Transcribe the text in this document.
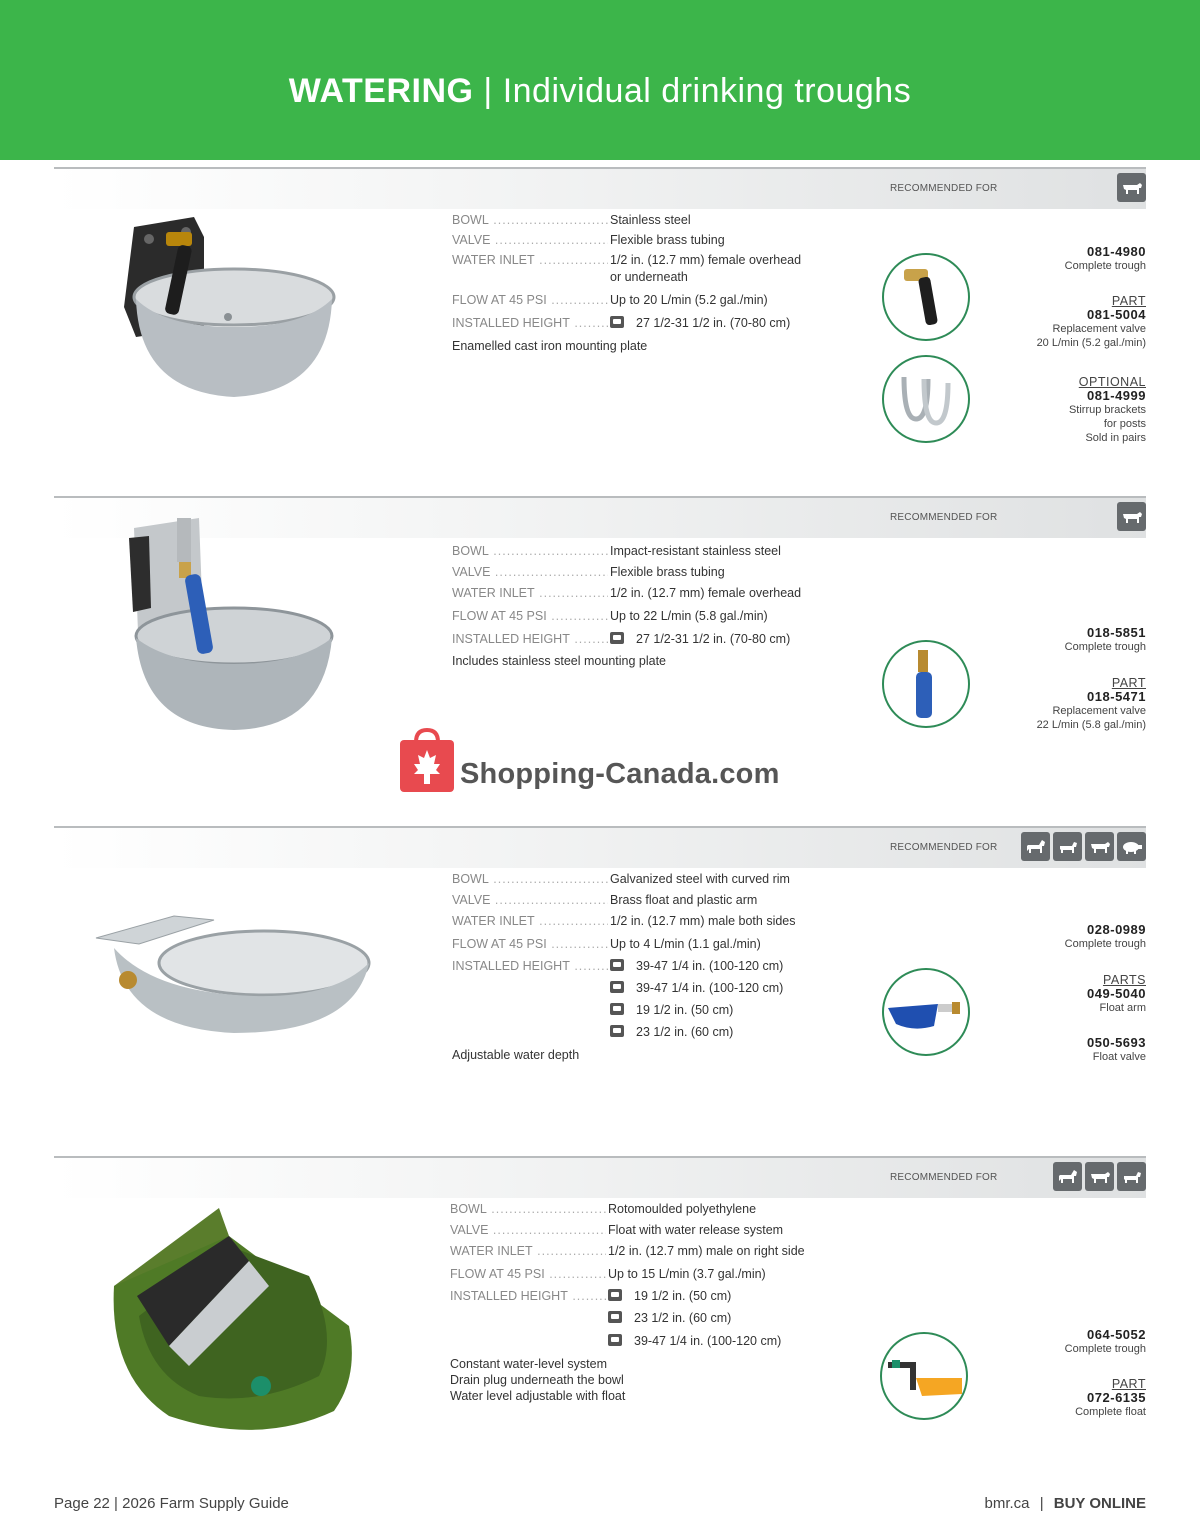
WATERING | Individual drinking troughs
RECOMMENDED FOR
BOWL .....	Stainless steel
VALVE .....	Flexible brass tubing
WATER INLET .....	1/2 in. (12.7 mm) female overhead
or underneath
FLOW AT 45 PSI .....	Up to 20 L/min (5.2 gal./min)
INSTALLED HEIGHT .....	27 1/2-31 1/2 in. (70-80 cm)
Enamelled cast iron mounting plate
081-4980
Complete trough
PART
081-5004
Replacement valve
20 L/min (5.2 gal./min)
OPTIONAL
081-4999
Stirrup brackets
for posts
Sold in pairs
RECOMMENDED FOR
BOWL .....	Impact-resistant stainless steel
VALVE .....	Flexible brass tubing
WATER INLET .....	1/2 in. (12.7 mm) female overhead
FLOW AT 45 PSI .....	Up to 22 L/min (5.8 gal./min)
INSTALLED HEIGHT .....	27 1/2-31 1/2 in. (70-80 cm)
Includes stainless steel mounting plate
018-5851
Complete trough
PART
018-5471
Replacement valve
22 L/min (5.8 gal./min)
Shopping-Canada.com
RECOMMENDED FOR
BOWL .....	Galvanized steel with curved rim
VALVE .....	Brass float and plastic arm
WATER INLET .....	1/2 in. (12.7 mm) male both sides
FLOW AT 45 PSI .....	Up to 4 L/min (1.1 gal./min)
INSTALLED HEIGHT .....	39-47 1/4 in. (100-120 cm)
39-47 1/4 in. (100-120 cm)
19 1/2 in. (50 cm)
23 1/2 in. (60 cm)
Adjustable water depth
028-0989
Complete trough
PARTS
049-5040
Float arm
050-5693
Float valve
RECOMMENDED FOR
BOWL .....	Rotomoulded polyethylene
VALVE .....	Float with water release system
WATER INLET .....	1/2 in. (12.7 mm) male on right side
FLOW AT 45 PSI .....	Up to 15 L/min (3.7 gal./min)
INSTALLED HEIGHT .....	19 1/2 in. (50 cm)
23 1/2 in. (60 cm)
39-47 1/4 in. (100-120 cm)
Constant water-level system
Drain plug underneath the bowl
Water level adjustable with float
064-5052
Complete trough
PART
072-6135
Complete float
Page 22 | 2026 Farm Supply Guide	bmr.ca | BUY ONLINE
